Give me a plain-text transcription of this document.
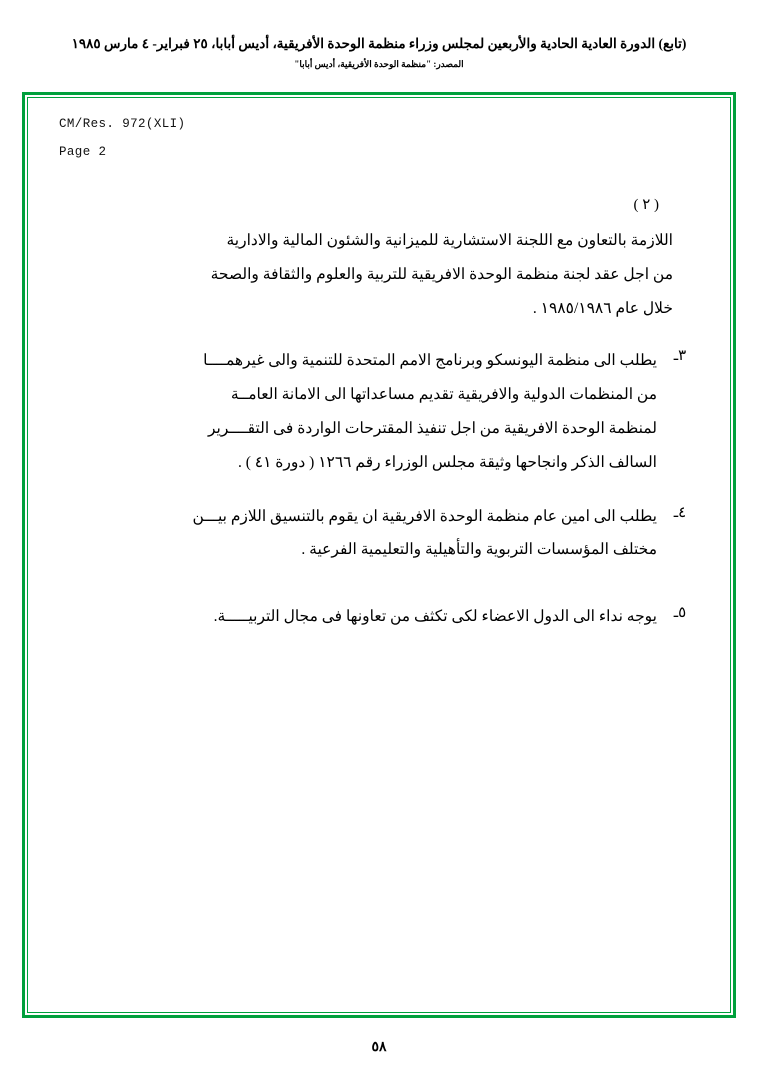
(تابع) الدورة العادية الحادية والأربعين لمجلس وزراء منظمة الوحدة الأفريقية، أديس أبابا، ٢٥ فبراير- ٤ مارس ١٩٨٥
المصدر: "منظمة الوحدة الأفريقية، أديس أبابا"
CM/Res. 972(XLI)
Page 2
( ٢ )
اللازمة بالتعاون مع اللجنة الاستشارية للميزانية والشئون المالية والادارية
من اجل عقد لجنة منظمة الوحدة الافريقية للتربية والعلوم والثقافة والصحة

خلال عام ١٩٨٥/١٩٨٦ .
٣ـ
يطلب الى منظمة اليونسكو وبرنامج الامم المتحدة للتنمية والى غيرهمــــا
من المنظمات الدولية والافريقية تقديم مساعداتها الى الامانة العامــة
لمنظمة الوحدة الافريقية من اجل تنفيذ المقترحات الواردة فى التقــــرير
السالف الذكر وانجاحها وثيقة مجلس الوزراء رقم ١٢٦٦ ( دورة ٤١ ) .
٤ـ
يطلب الى امين عام منظمة الوحدة الافريقية ان يقوم بالتنسيق اللازم بيـــن
مختلف المؤسسات التربوية والتأهيلية والتعليمية الفرعية .
٥ـ
يوجه نداء الى الدول الاعضاء لكى تكثف من تعاونها فى مجال التربيـــــة.
٥٨
